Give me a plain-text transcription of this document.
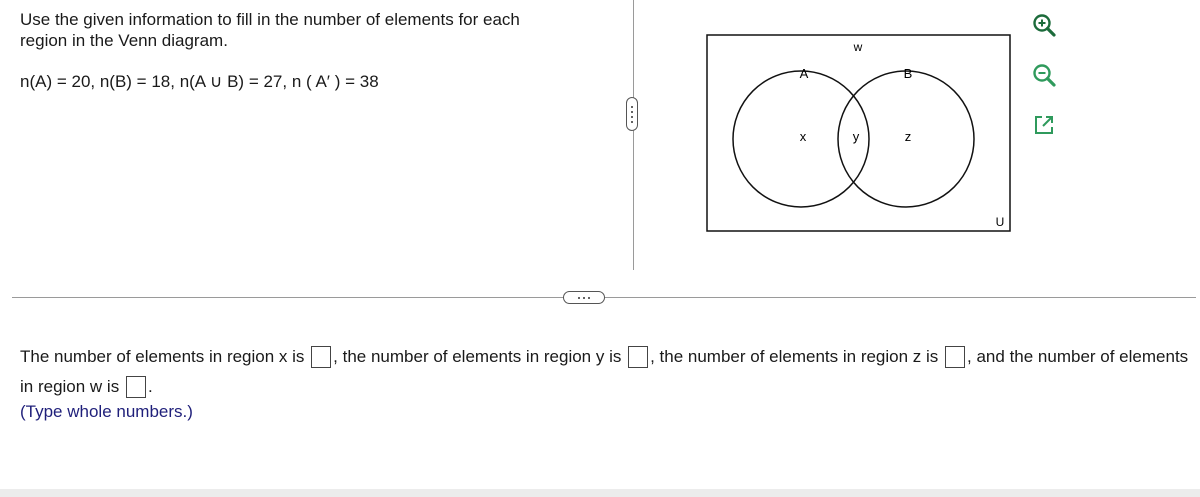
Use the given information to fill in the number of elements for each

region in the Venn diagram.

n(A) = 20, n(B) = 18, n(A ∪ B) = 27, n ( A′ ) = 38
w
A	B
x	y	z
U
The number of elements in region x is , the number of elements in region y is , the number of elements in region z is , and the number of elements in region w is .
(Type whole numbers.)
